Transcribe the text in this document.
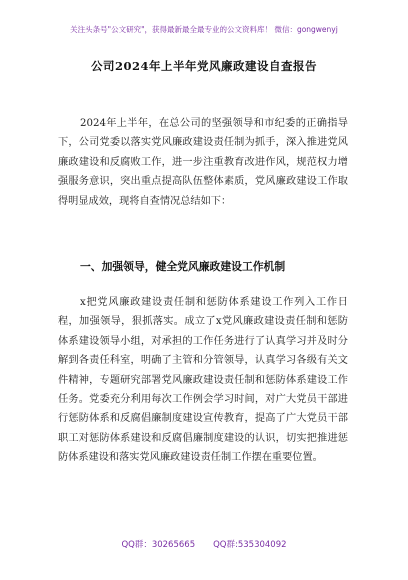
关注头条号"公文研究"，获得最新最全最专业的公文资料库！ 微信：gongwenyj
公司2024年上半年党风廉政建设自查报告
2024年上半年，在总公司的坚强领导和市纪委的正确指导下，公司党委以落实党风廉政建设责任制为抓手，深入推进党风廉政建设和反腐败工作，进一步注重教育改进作风，规范权力增强服务意识，突出重点提高队伍整体素质，党风廉政建设工作取得明显成效，现将自查情况总结如下：
一、加强领导，健全党风廉政建设工作机制
x把党风廉政建设责任制和惩防体系建设工作列入工作日程，加强领导，狠抓落实。成立了x党风廉政建设责任制和惩防体系建设领导小组，对承担的工作任务进行了认真学习并及时分解到各责任科室，明确了主管和分管领导，认真学习各级有关文件精神，专题研究部署党风廉政建设责任制和惩防体系建设工作任务。党委充分利用每次工作例会学习时间，对广大党员干部进行惩防体系和反腐倡廉制度建设宣传教育，提高了广大党员干部职工对惩防体系建设和反腐倡廉制度建设的认识，切实把推进惩防体系建设和落实党风廉政建设责任制工作摆在重要位置。
QQ群：30265665 QQ群:535304092
